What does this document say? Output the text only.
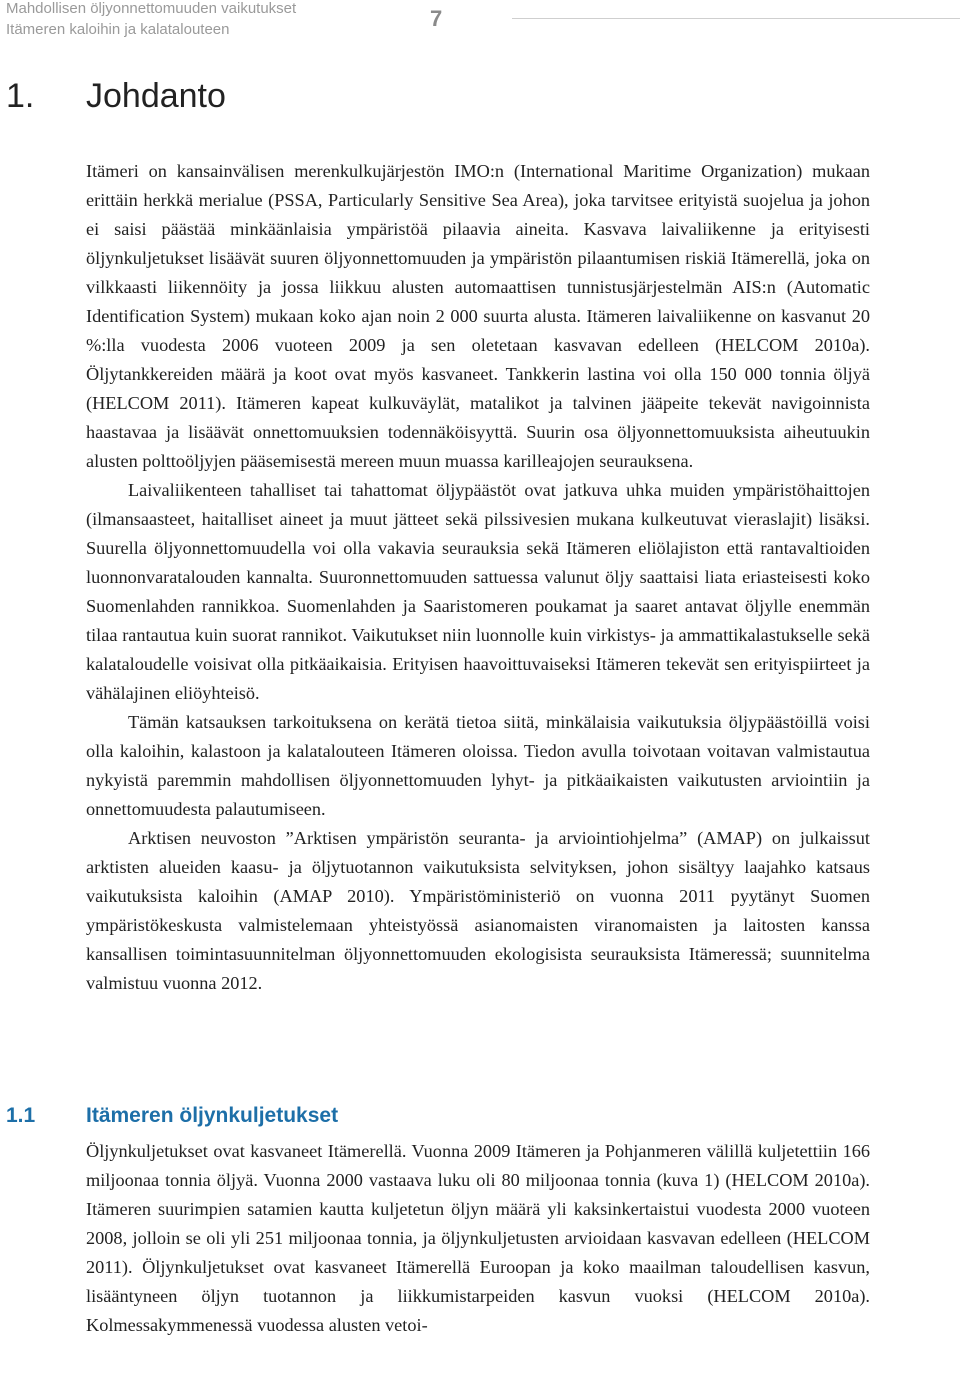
Mahdollisen öljyonnettomuuden vaikutukset
Itämeren kaloihin ja kalatalouteen	7
1. Johdanto

Itämeri on kansainvälisen merenkulkujärjestön IMO:n (International Maritime Organization) mukaan erittäin herkkä merialue (PSSA, Particularly Sensitive Sea Area), joka tarvitsee erityistä suojelua ja johon ei saisi päästää minkäänlaisia ympäristöä pilaavia aineita. Kasvava laivaliikenne ja erityisesti öljynkuljetukset lisäävät suuren öljyonnettomuuden ja ympäristön pilaantumisen riskiä Itämerellä, joka on vilkkaasti liikennöity ja jossa liikkuu alusten automaattisen tunnistusjärjestelmän AIS:n (Automatic Identification System) mukaan koko ajan noin 2 000 suurta alusta. Itämeren laivaliikenne on kasvanut 20 %:lla vuodesta 2006 vuoteen 2009 ja sen oletetaan kasvavan edelleen (HELCOM 2010a). Öljytankkereiden määrä ja koot ovat myös kasvaneet. Tankkerin lastina voi olla 150 000 tonnia öljyä (HELCOM 2011). Itämeren kapeat kulkuväylät, matalikot ja talvinen jääpeite tekevät navigoinnista haastavaa ja lisäävät onnettomuuksien todennäköisyyttä. Suurin osa öljyonnettomuuksista aiheutuukin alusten polttoöljyjen pääsemisestä mereen muun muassa karilleajojen seurauksena.

Laivaliikenteen tahalliset tai tahattomat öljypäästöt ovat jatkuva uhka muiden ympäristöhaittojen (ilmansaasteet, haitalliset aineet ja muut jätteet sekä pilssivesien mukana kulkeutuvat vieraslajit) lisäksi. Suurella öljyonnettomuudella voi olla vakavia seurauksia sekä Itämeren eliölajiston että rantavaltioiden luonnonvaratalouden kannalta. Suuronnettomuuden sattuessa valunut öljy saattaisi liata eriasteisesti koko Suomenlahden rannikkoa. Suomenlahden ja Saaristomeren poukamat ja saaret antavat öljylle enemmän tilaa rantautua kuin suorat rannikot. Vaikutukset niin luonnolle kuin virkistys- ja ammattikalastukselle sekä kalataloudelle voisivat olla pitkäaikaisia. Erityisen haavoittuvaiseksi Itämeren tekevät sen erityispiirteet ja vähälajinen eliöyhteisö.

Tämän katsauksen tarkoituksena on kerätä tietoa siitä, minkälaisia vaikutuksia öljypäästöillä voisi olla kaloihin, kalastoon ja kalatalouteen Itämeren oloissa. Tiedon avulla toivotaan voitavan valmistautua nykyistä paremmin mahdollisen öljyonnettomuuden lyhyt- ja pitkäaikaisten vaikutusten arviointiin ja onnettomuudesta palautumiseen.

Arktisen neuvoston ”Arktisen ympäristön seuranta- ja arviointiohjelma” (AMAP) on julkaissut arktisten alueiden kaasu- ja öljytuotannon vaikutuksista selvityksen, johon sisältyy laajahko katsaus vaikutuksista kaloihin (AMAP 2010). Ympäristöministeriö on vuonna 2011 pyytänyt Suomen ympäristökeskusta valmistelemaan yhteistyössä asianomaisten viranomaisten ja laitosten kanssa kansallisen toimintasuunnitelman öljyonnettomuuden ekologisista seurauksista Itämeressä; suunnitelma valmistuu vuonna 2012.

1.1 Itämeren öljynkuljetukset

Öljynkuljetukset ovat kasvaneet Itämerellä. Vuonna 2009 Itämeren ja Pohjanmeren välillä kuljetettiin 166 miljoonaa tonnia öljyä. Vuonna 2000 vastaava luku oli 80 miljoonaa tonnia (kuva 1) (HELCOM 2010a). Itämeren suurimpien satamien kautta kuljetetun öljyn määrä yli kaksinkertaistui vuodesta 2000 vuoteen 2008, jolloin se oli yli 251 miljoonaa tonnia, ja öljynkuljetusten arvioidaan kasvavan edelleen (HELCOM 2011). Öljynkuljetukset ovat kasvaneet Itämerellä Euroopan ja koko maailman taloudellisen kasvun, lisääntyneen öljyn tuotannon ja liikkumistarpeiden kasvun vuoksi (HELCOM 2010a). Kolmessakymmenessä vuodessa alusten vetoi-
